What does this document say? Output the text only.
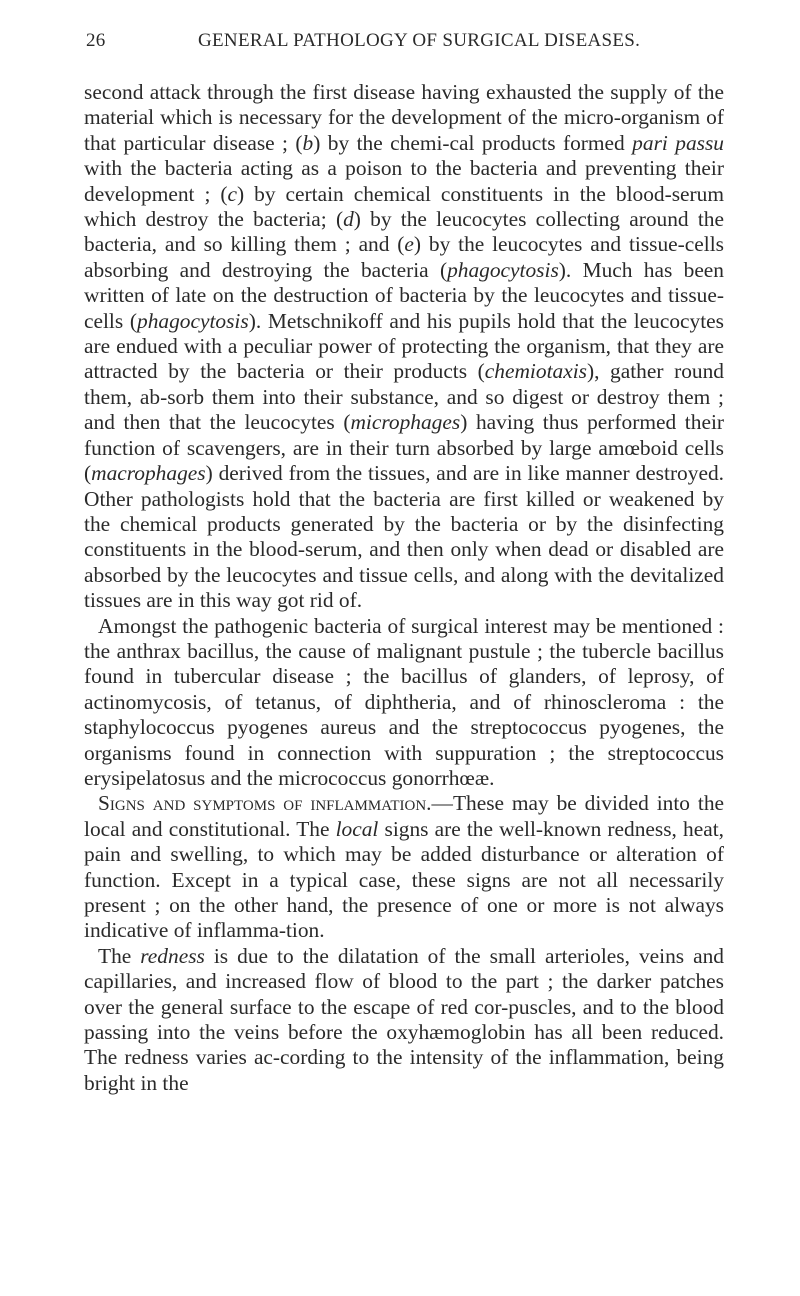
26	GENERAL PATHOLOGY OF SURGICAL DISEASES.

second attack through the first disease having exhausted the supply of the material which is necessary for the development of the micro-organism of that particular disease ; (b) by the chemi-cal products formed pari passu with the bacteria acting as a poison to the bacteria and preventing their development ; (c) by certain chemical constituents in the blood-serum which destroy the bacteria; (d) by the leucocytes collecting around the bacteria, and so killing them ; and (e) by the leucocytes and tissue-cells absorbing and destroying the bacteria (phagocytosis). Much has been written of late on the destruction of bacteria by the leucocytes and tissue-cells (phagocytosis). Metschnikoff and his pupils hold that the leucocytes are endued with a peculiar power of protecting the organism, that they are attracted by the bacteria or their products (chemiotaxis), gather round them, ab-sorb them into their substance, and so digest or destroy them ; and then that the leucocytes (microphages) having thus performed their function of scavengers, are in their turn absorbed by large amœboid cells (macrophages) derived from the tissues, and are in like manner destroyed. Other pathologists hold that the bacteria are first killed or weakened by the chemical products generated by the bacteria or by the disinfecting constituents in the blood-serum, and then only when dead or disabled are absorbed by the leucocytes and tissue cells, and along with the devitalized tissues are in this way got rid of.

Amongst the pathogenic bacteria of surgical interest may be mentioned : the anthrax bacillus, the cause of malignant pustule ; the tubercle bacillus found in tubercular disease ; the bacillus of glanders, of leprosy, of actinomycosis, of tetanus, of diphtheria, and of rhinoscleroma : the staphylococcus pyogenes aureus and the streptococcus pyogenes, the organisms found in connection with suppuration ; the streptococcus erysipelatosus and the micrococcus gonorrhœæ.

Signs and symptoms of inflammation.—These may be divided into the local and constitutional. The local signs are the well-known redness, heat, pain and swelling, to which may be added disturbance or alteration of function. Except in a typical case, these signs are not all necessarily present ; on the other hand, the presence of one or more is not always indicative of inflamma-tion.

The redness is due to the dilatation of the small arterioles, veins and capillaries, and increased flow of blood to the part ; the darker patches over the general surface to the escape of red cor-puscles, and to the blood passing into the veins before the oxyhæmoglobin has all been reduced. The redness varies ac-cording to the intensity of the inflammation, being bright in the
